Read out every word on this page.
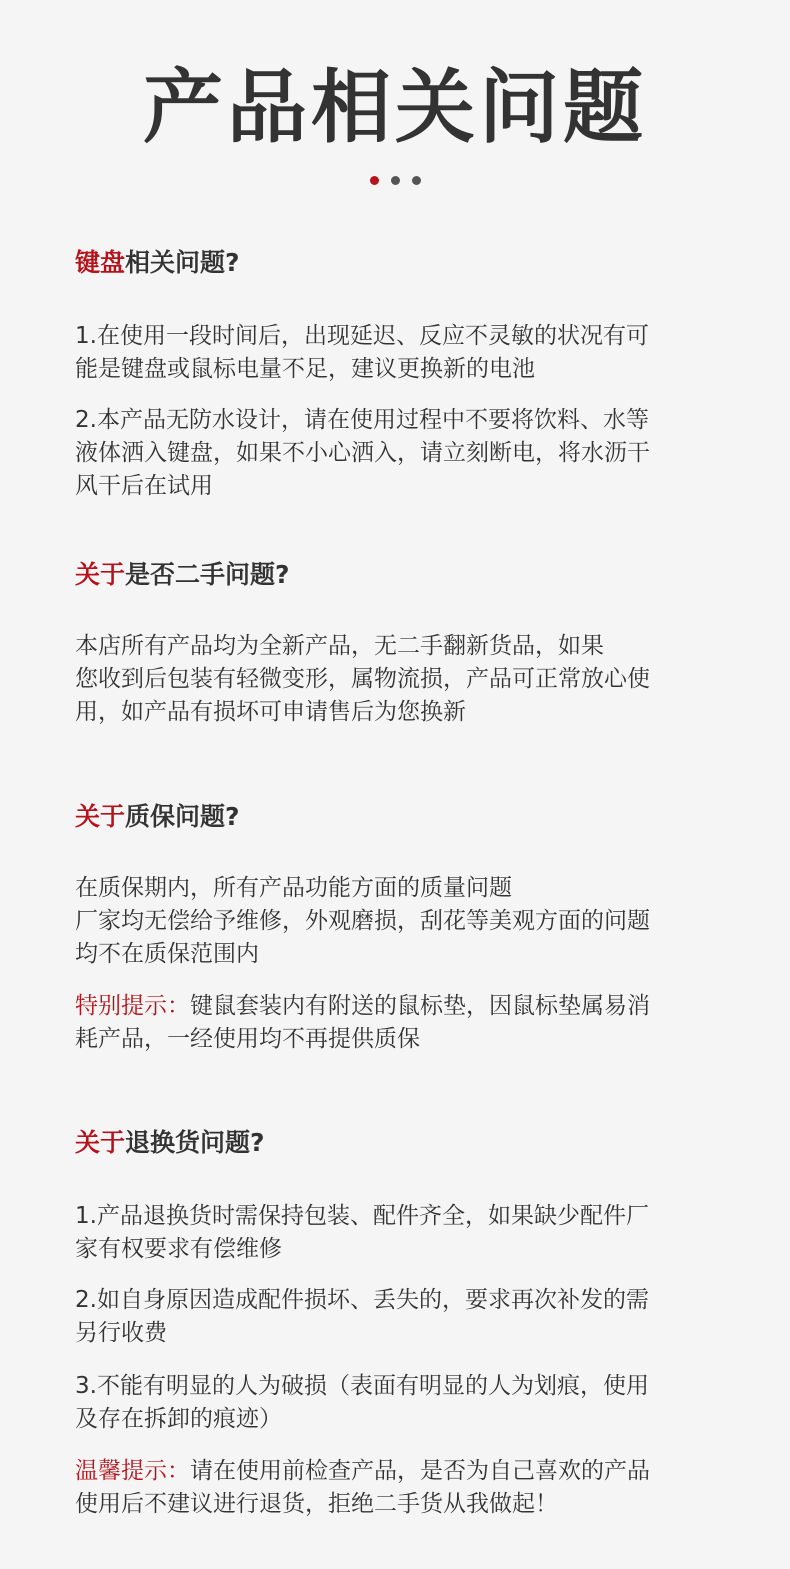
产品相关问题
键盘相关问题?

1.在使用一段时间后，出现延迟、反应不灵敏的状况有可
能是键盘或鼠标电量不足，建议更换新的电池

2.本产品无防水设计，请在使用过程中不要将饮料、水等
液体洒入键盘，如果不小心洒入，请立刻断电，将水沥干
风干后在试用

关于是否二手问题?

本店所有产品均为全新产品，无二手翻新货品，如果
您收到后包装有轻微变形，属物流损，产品可正常放心使
用，如产品有损坏可申请售后为您换新

关于质保问题?

在质保期内，所有产品功能方面的质量问题
厂家均无偿给予维修，外观磨损，刮花等美观方面的问题
均不在质保范围内

特别提示：键鼠套装内有附送的鼠标垫，因鼠标垫属易消
耗产品，一经使用均不再提供质保

关于退换货问题?

1.产品退换货时需保持包装、配件齐全，如果缺少配件厂
家有权要求有偿维修

2.如自身原因造成配件损坏、丢失的，要求再次补发的需
另行收费

3.不能有明显的人为破损（表面有明显的人为划痕，使用
及存在拆卸的痕迹）

温馨提示：请在使用前检查产品，是否为自己喜欢的产品
使用后不建议进行退货，拒绝二手货从我做起！
